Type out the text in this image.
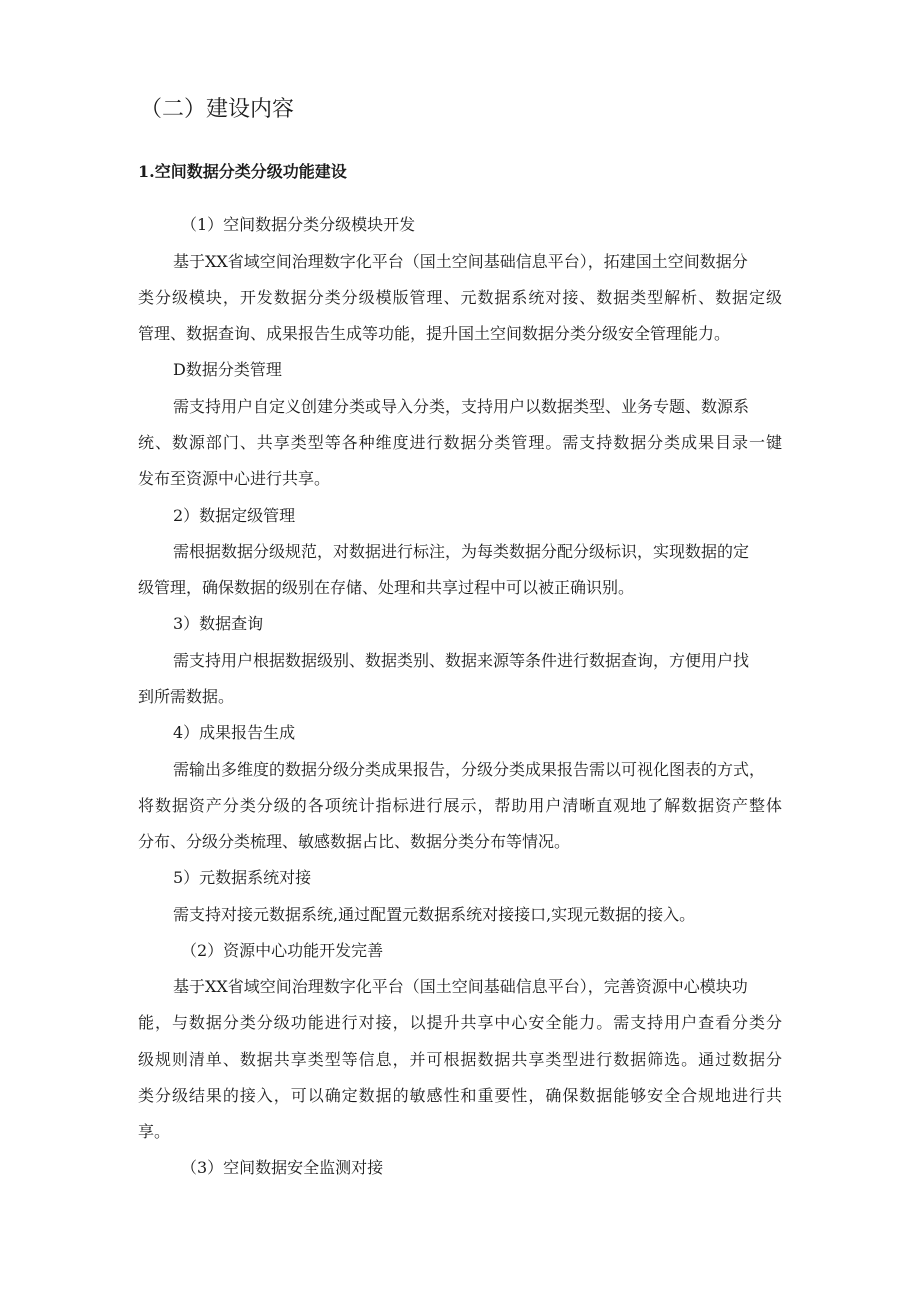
（二）建设内容
1.空间数据分类分级功能建设
（1）空间数据分类分级模块开发
基于XX省域空间治理数字化平台（国土空间基础信息平台），拓建国土空间数据分
类分级模块，开发数据分类分级模版管理、元数据系统对接、数据类型解析、数据定级
管理、数据查询、成果报告生成等功能，提升国土空间数据分类分级安全管理能力。
D数据分类管理
需支持用户自定义创建分类或导入分类，支持用户以数据类型、业务专题、数源系
统、数源部门、共享类型等各种维度进行数据分类管理。需支持数据分类成果目录一键
发布至资源中心进行共享。
2）数据定级管理
需根据数据分级规范，对数据进行标注，为每类数据分配分级标识，实现数据的定
级管理，确保数据的级别在存储、处理和共享过程中可以被正确识别。
3）数据查询
需支持用户根据数据级别、数据类别、数据来源等条件进行数据查询，方便用户找
到所需数据。
4）成果报告生成
需输出多维度的数据分级分类成果报告，分级分类成果报告需以可视化图表的方式，
将数据资产分类分级的各项统计指标进行展示，帮助用户清晰直观地了解数据资产整体
分布、分级分类梳理、敏感数据占比、数据分类分布等情况。
5）元数据系统对接
需支持对接元数据系统,通过配置元数据系统对接接口,实现元数据的接入。
（2）资源中心功能开发完善
基于XX省域空间治理数字化平台（国土空间基础信息平台），完善资源中心模块功
能，与数据分类分级功能进行对接，以提升共享中心安全能力。需支持用户查看分类分
级规则清单、数据共享类型等信息，并可根据数据共享类型进行数据筛选。通过数据分
类分级结果的接入，可以确定数据的敏感性和重要性，确保数据能够安全合规地进行共
享。
（3）空间数据安全监测对接
